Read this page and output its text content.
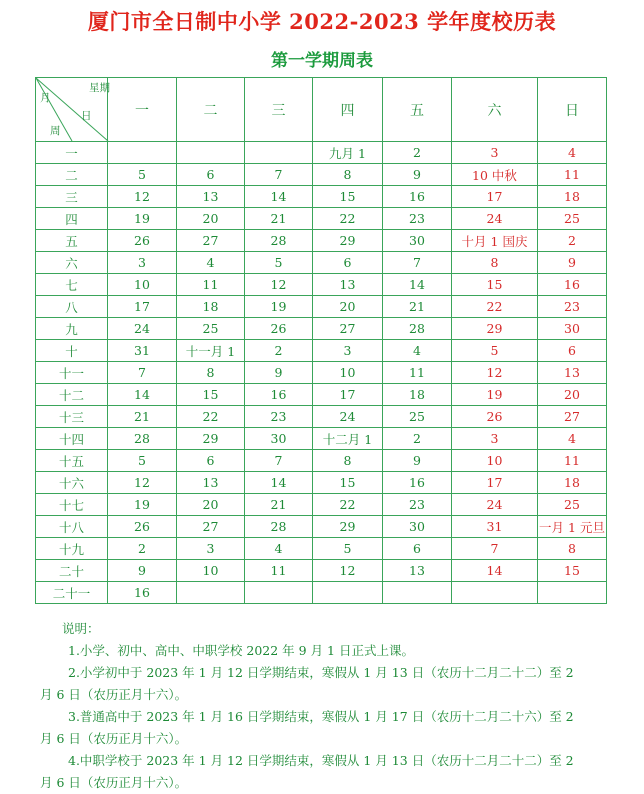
厦门市全日制中小学 2022-2023 学年度校历表
第一学期周表
月
星期
日
周	一	二	三	四	五	六	日
一				九月 1	2	3	4
二	5	6	7	8	9	10 中秋	11
三	12	13	14	15	16	17	18
四	19	20	21	22	23	24	25
五	26	27	28	29	30	十月 1 国庆	2
六	3	4	5	6	7	8	9
七	10	11	12	13	14	15	16
八	17	18	19	20	21	22	23
九	24	25	26	27	28	29	30
十	31	十一月 1	2	3	4	5	6
十一	7	8	9	10	11	12	13
十二	14	15	16	17	18	19	20
十三	21	22	23	24	25	26	27
十四	28	29	30	十二月 1	2	3	4
十五	5	6	7	8	9	10	11
十六	12	13	14	15	16	17	18
十七	19	20	21	22	23	24	25
十八	26	27	28	29	30	31	一月 1 元旦
十九	2	3	4	5	6	7	8
二十	9	10	11	12	13	14	15
二十一	16						

说明：

1.小学、初中、高中、中职学校 2022 年 9 月 1 日正式上课。

2.小学初中于 2023 年 1 月 12 日学期结束，寒假从 1 月 13 日（农历十二月二十二）至 2

月 6 日（农历正月十六）。

3.普通高中于 2023 年 1 月 16 日学期结束，寒假从 1 月 17 日（农历十二月二十六）至 2

月 6 日（农历正月十六）。

4.中职学校于 2023 年 1 月 12 日学期结束，寒假从 1 月 13 日（农历十二月二十二）至 2

月 6 日（农历正月十六）。
